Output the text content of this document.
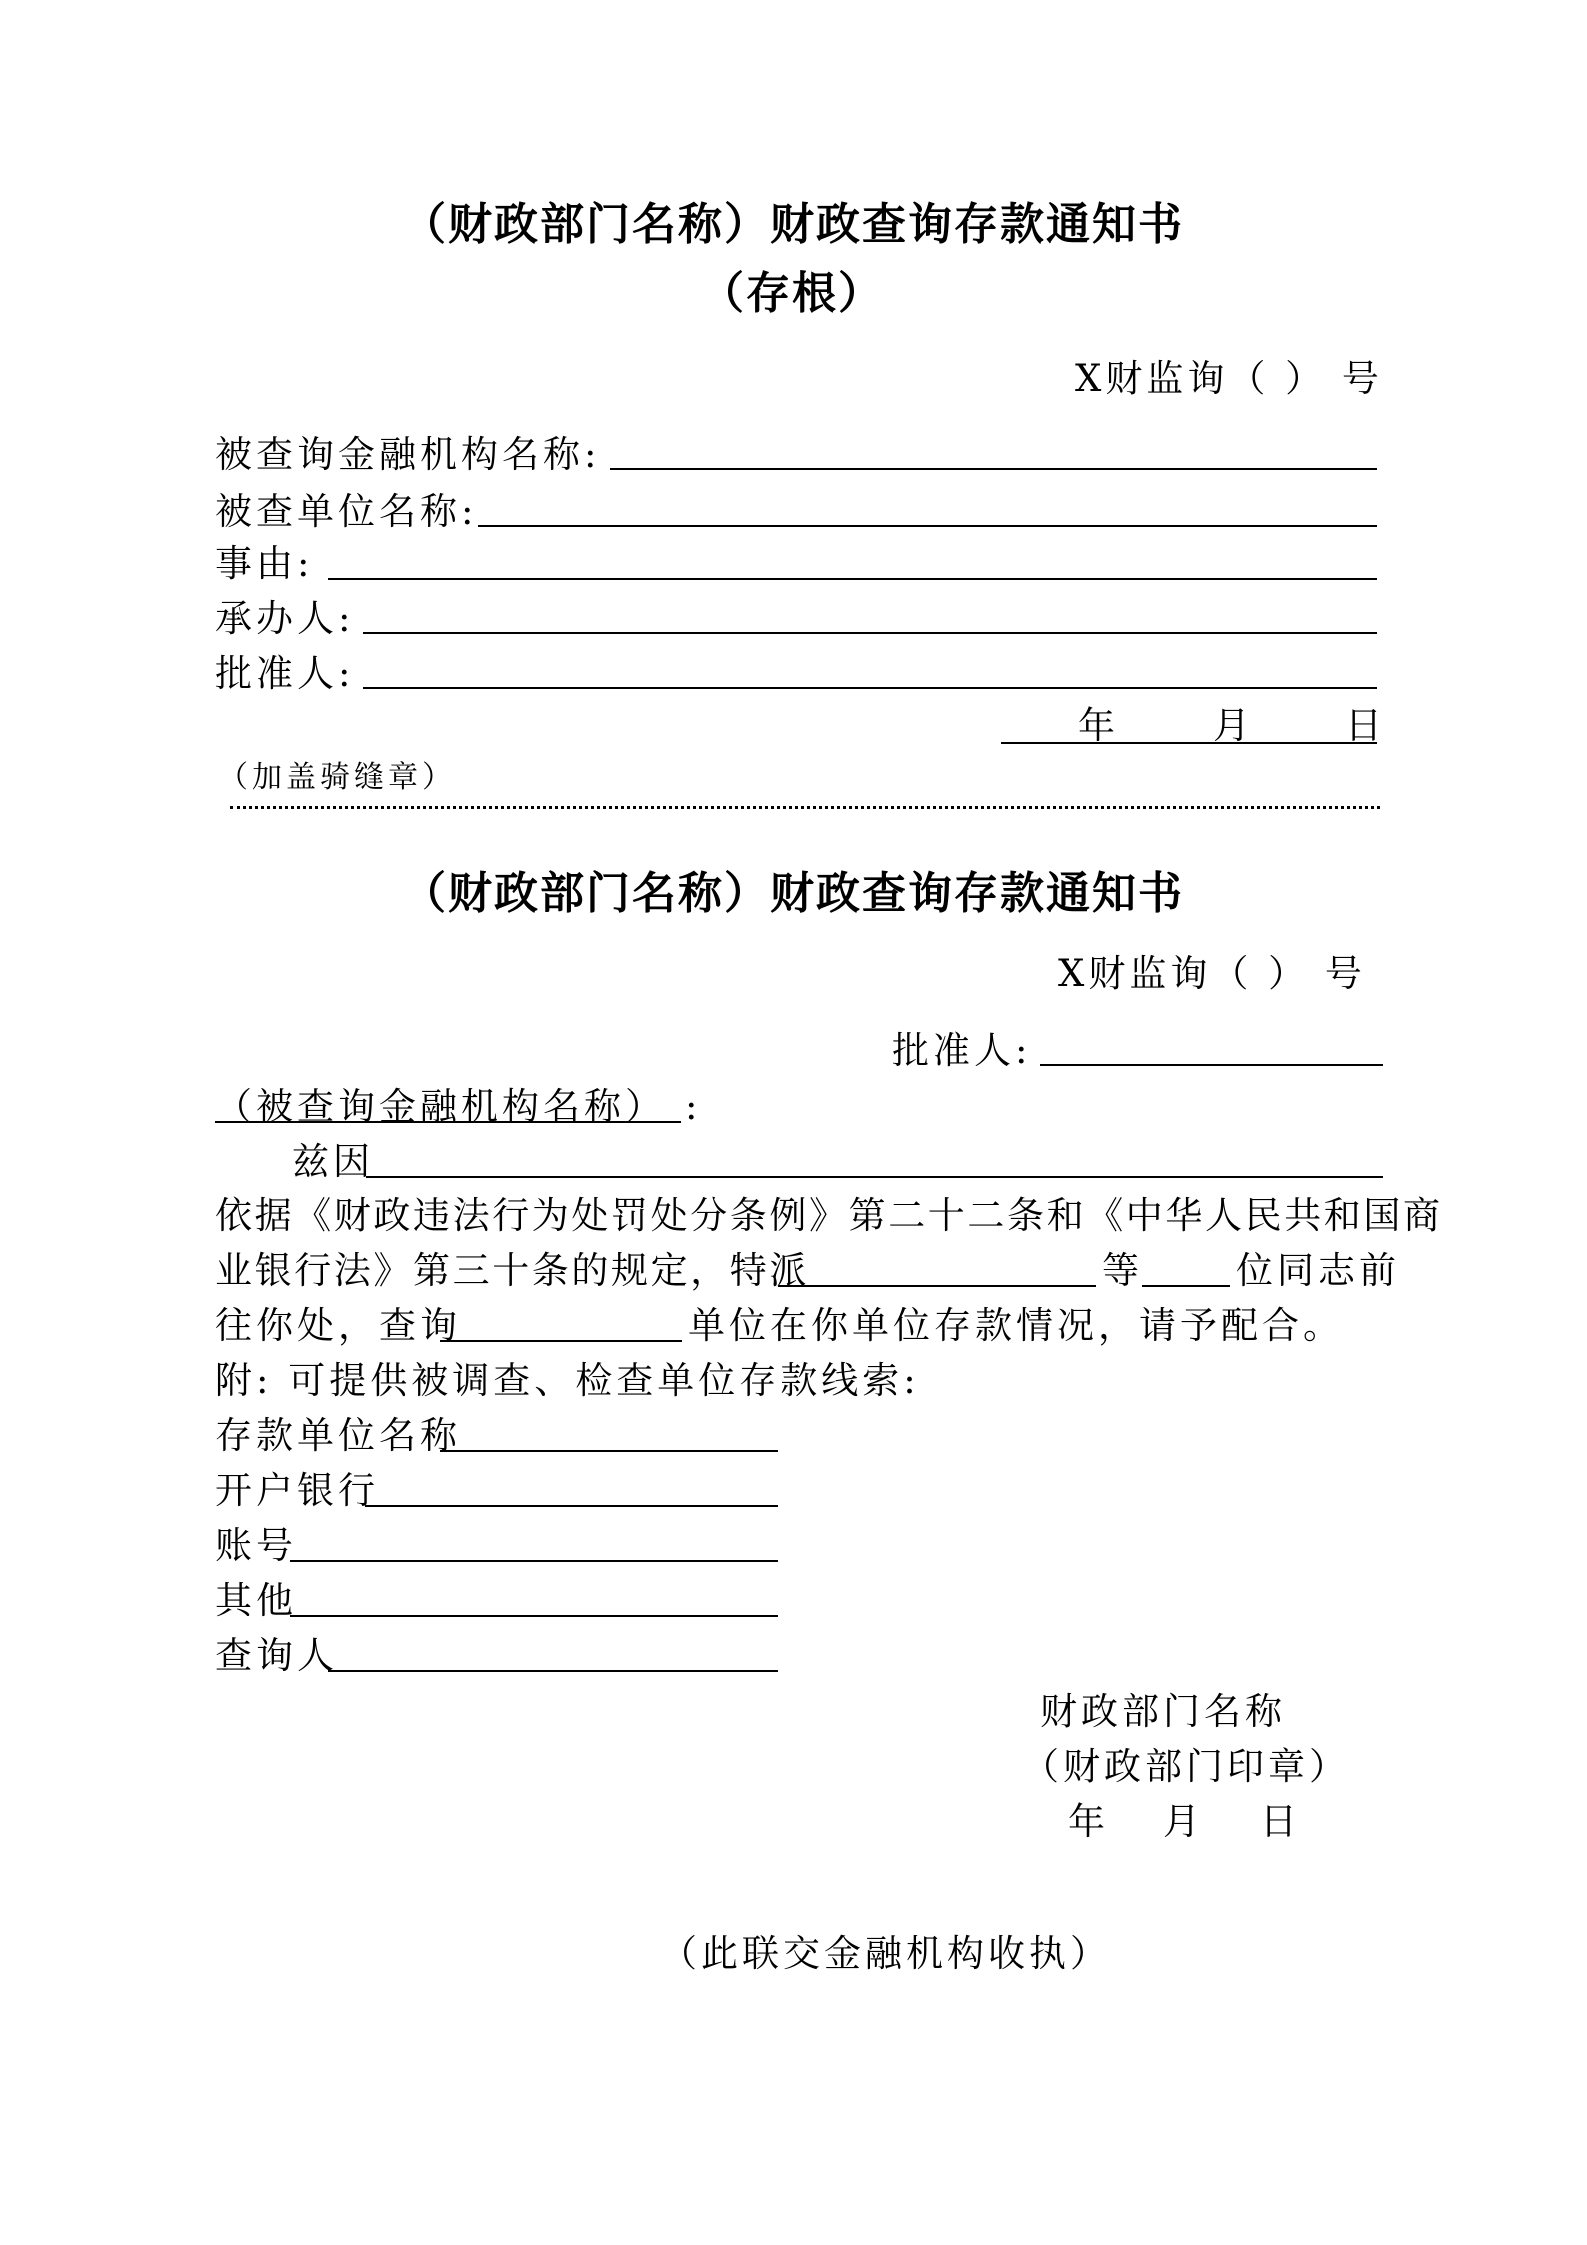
（财政部门名称）财政查询存款通知书
（存根）
X财监询（ ） 号
被查询金融机构名称:
被查单位名称:
事由:
承办人:
批准人:
年	月 日
（加盖骑缝章）
（财政部门名称）财政查询存款通知书
X财监询（ ） 号
批准人:
（被查询金融机构名称） :
兹因
依据《财政违法行为处罚处分条例》第二十二条和《中华人民共和国商
业银行法》第三十条的规定，特派	等	位同志前
往你处，查询	单位在你单位存款情况，请予配合。
附: 可提供被调查、检查单位存款线索:
存款单位名称
开户银行
账号
其他
查询人
财政部门名称
（财政部门印章）
年 月 日
（此联交金融机构收执）
